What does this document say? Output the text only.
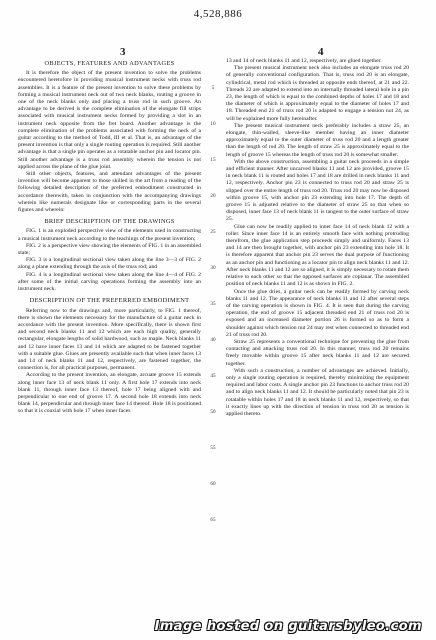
4,528,886
3	4
OBJECTS, FEATURES AND ADVANTAGES

It is therefore the object of the present invention to solve the problems encountered heretofore in providing musical instrument necks with truss rod assemblies. It is a feature of the present invention to solve these problems by forming a musical instrument neck out of two neck blanks, routing a groove in one of the neck blanks only and placing a truss rod in such groove. An advantage to be derived is the complete elimination of the elongate fill strips associated with musical instrument necks formed by providing a slot in an instrument neck opposite from the fret board. Another advantage is the complete elimination of the problems associated with forming the neck of a guitar according to the method of Todd, III et al. That is, an advantage of the present invention is that only a single routing operation is required. Still another advantage is that a single pin operates as a rotatable anchor pin and locator pin. Still another advantage is a truss rod assembly wherein the tension is not applied across the plane of the glue joint.

Still other objects, features, and attendant advantages of the present invention will become apparent to those skilled in the art from a reading of the following detailed description of the preferred embodiment constructed in accordance therewith, taken in conjunction with the accompanying drawings wherein like numerals designate like or corresponding parts in the several figures and wherein:

BRIEF DESCRIPTION OF THE DRAWINGS

FIG. 1 is an exploded perspective view of the elements used in constructing a musical instrument neck according to the teachings of the present invention;

FIG. 2 is a perspective view showing the elements of FIG. 1 in an assembled state;

FIG. 3 is a longitudinal sectional view taken along the line 3—3 of FIG. 2 along a plane extending through the axis of the truss rod; and

FIG. 4 is a longitudinal sectional view taken along the line 4—4 of FIG. 2 after some of the initial carving operations forming the assembly into an instrument neck.

DESCRIPTION OF THE PREFERRED EMBODIMENT

Referring now to the drawings and, more particularly, to FIG. 1 thereof, there is shown the elements necessary for the manufacture of a guitar neck in accordance with the present invention. More specifically, there is shown first and second neck blanks 11 and 12 which are each high quality, generally rectangular, elongate lengths of solid hardwood, such as maple. Neck blanks 11 and 12 have inner faces 13 and 14 which are adapted to be fastened together with a suitable glue. Glues are presently available such that when inner faces 13 and 14 of neck blanks 11 and 12, respectively, are fastened together, the connection is, for all practical purposes, permanent.

According to the present invention, an elongate, arcuate groove 15 extends along inner face 13 of neck blank 11 only. A first hole 17 extends into neck blank 11, through inner face 13 thereof, hole 17 being aligned with and perpendicular to one end of groove 17. A second hole 18 extends into neck blank 14, perpendicular and through inner face 14 thereof. Hole 18 is positioned so that it is coaxial with hole 17 when inner faces

5
10
15
20
25
30
35
40
45
50
55
60
65

13 and 14 of neck blanks 11 and 12, respectively, are glued together.

The present musical instrument neck also includes an elongate truss rod 20 of generally conventional configuration. That is, truss rod 20 is an elongate, cylindrical, metal rod which is threaded at opposite ends thereof, at 21 and 22. Threads 22 are adapted to extend into an internally threaded lateral hole in a pin 23, the length of which is equal to the combined depths of holes 17 and 18 and the diameter of which is approximately equal to the diameter of holes 17 and 18. Threaded end 21 of truss rod 20 is adapted to engage a tension nut 24, as will be explained more fully hereinafter.

The present musical instrument neck preferably includes a straw 25, an elongate, thin-walled, sleeve-like member having an inner diameter approximately equal to the outer diameter of truss rod 20 and a length greater than the length of rod 20. The length of straw 25 is approximately equal to the length of groove 15 whereas the length of truss rod 20 is somewhat smaller.

With the above construction, assembling a guitar neck proceeds in a simple and efficient manner. After uncarved blanks 11 and 12 are provided, groove 15 in neck blank 11 is routed and holes 17 and 18 are drilled in neck blanks 11 and 12, respectively. Anchor pin 23 is connected to truss rod 20 and straw 25 is slipped over the entire length of truss rod 20. Truss rod 20 may now be disposed within groove 15, with anchor pin 23 extending into hole 17. The depth of groove 15 is adjusted relative to the diameter of straw 25 so that when so disposed, inner face 13 of neck blank 11 is tangent to the outer surface of straw 25.

Glue can now be readily applied to inner face 14 of neck blank 12 with a roller. Since inner face 14 is an entirely smooth face with nothing protruding therefrom, the glue application step proceeds simply and uniformly. Faces 13 and 14 are then brought together, with anchor pin 23 extending into hole 18. It is therefore apparent that anchor pin 23 serves the dual purpose of functioning as an anchor pin and functioning as a locator pin to align neck blanks 11 and 12. After neck blanks 11 and 12 are so aligned, it is simply necessary to rotate them relative to each other so that the opposed surfaces are coplanar. The assembled position of neck blanks 11 and 12 is as shown in FIG. 2.

Once the glue dries, a guitar neck can be readily formed by carving neck blanks 11 and 12. The appearance of neck blanks 11 and 12 after several steps of the carving operation is shown in FIG. 4. It is seen that during the carving operation, the end of groove 15 adjacent threaded end 21 of truss rod 20 is exposed and an increased diameter portion 26 is formed so as to form a shoulder against which tension nut 24 may rest when connected to threaded end 21 of truss rod 20.

Straw 25 represents a conventional technique for preventing the glue from contacting and attacking truss rod 20. In this manner, truss rod 20 remains freely movable within groove 15 after neck blanks 11 and 12 are secured together.

With such a construction, a number of advantages are achieved. Initially, only a single routing operation is required, thereby minimizing the equipment required and labor costs. A single anchor pin 23 functions to anchor truss rod 20 and to align neck blanks 11 and 12. It should be particularly noted that pin 23 is rotatable within holes 17 and 18 in neck blanks 11 and 12, respectively, so that it exactly lines up with the direction of tension in truss rod 20 as tension is applied thereto.

Image hosted on guitarsbyleo.com
